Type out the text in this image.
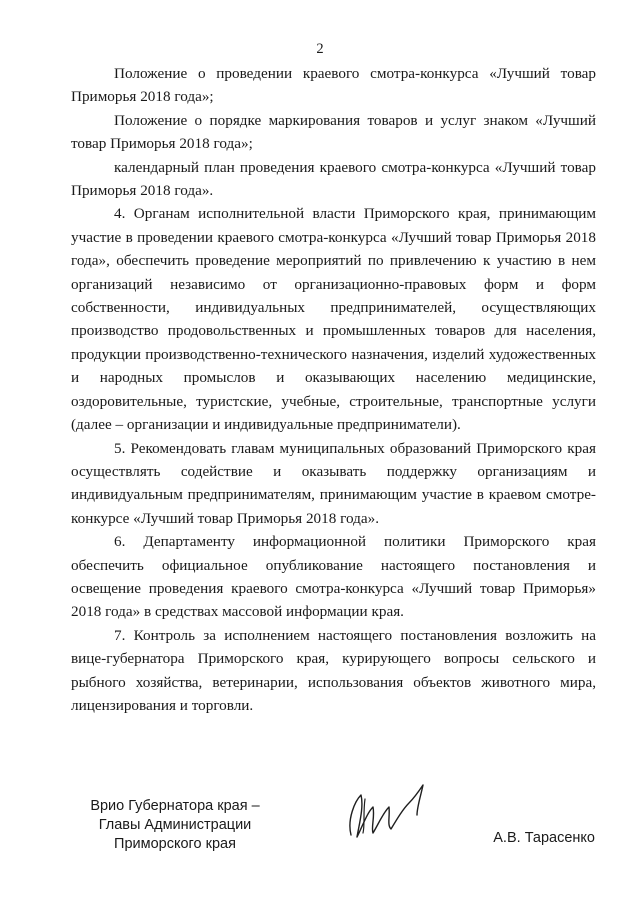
2

Положение о проведении краевого смотра-конкурса «Лучший товар Приморья 2018 года»;

Положение о порядке маркирования товаров и услуг знаком «Лучший товар Приморья 2018 года»;

календарный план проведения краевого смотра-конкурса «Лучший товар Приморья 2018 года».

4. Органам исполнительной власти Приморского края, принимающим участие в проведении краевого смотра-конкурса «Лучший товар Приморья 2018 года», обеспечить проведение мероприятий по привлечению к участию в нем организаций независимо от организационно-правовых форм и форм собственности, индивидуальных предпринимателей, осуществляющих производство продовольственных и промышленных товаров для населения, продукции производственно-технического назначения, изделий художественных и народных промыслов и оказывающих населению медицинские, оздоровительные, туристские, учебные, строительные, транспортные услуги (далее – организации и индивидуальные предприниматели).

5. Рекомендовать главам муниципальных образований Приморского края осуществлять содействие и оказывать поддержку организациям и индивидуальным предпринимателям, принимающим участие в краевом смотре-конкурсе «Лучший товар Приморья 2018 года».

6. Департаменту информационной политики Приморского края обеспечить официальное опубликование настоящего постановления и освещение проведения краевого смотра-конкурса «Лучший товар Приморья» 2018 года» в средствах массовой информации края.

7. Контроль за исполнением настоящего постановления возложить на вице-губернатора Приморского края, курирующего вопросы сельского и рыбного хозяйства, ветеринарии, использования объектов животного мира, лицензирования и торговли.

Врио Губернатора края –
Главы Администрации
Приморского края	А.В. Тарасенко
